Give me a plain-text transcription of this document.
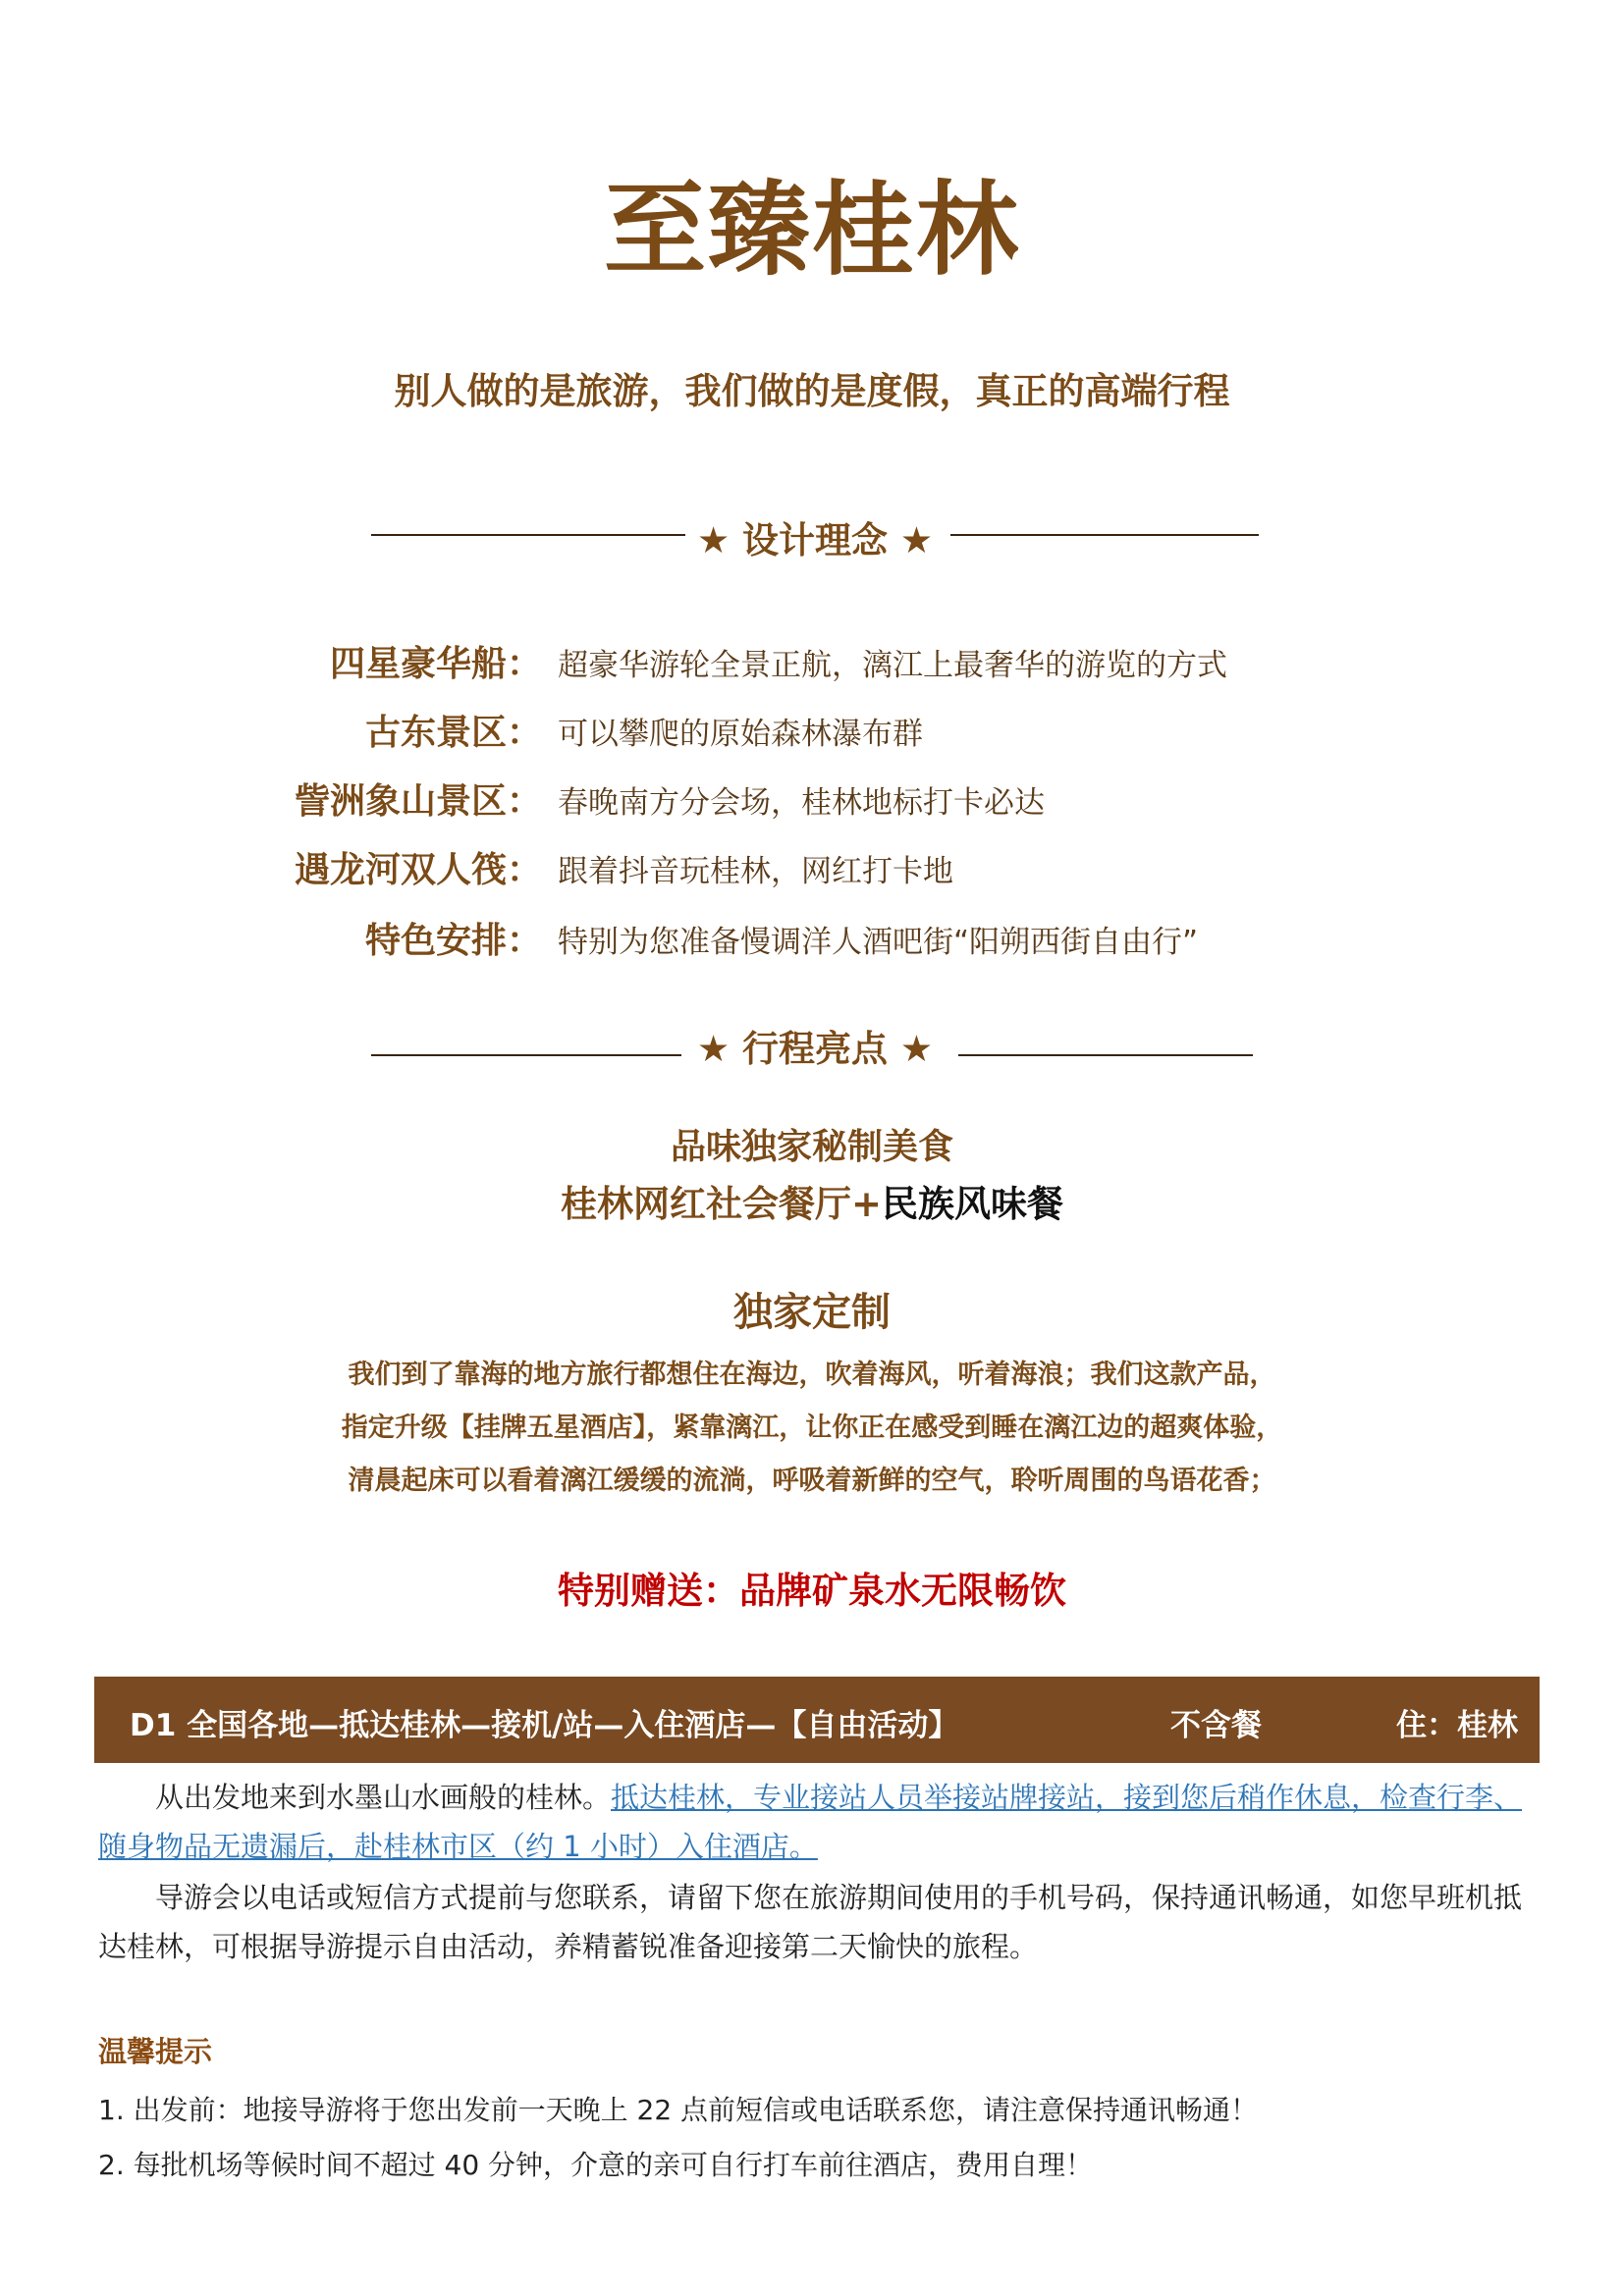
至臻桂林
别人做的是旅游，我们做的是度假，真正的高端行程
★ 设计理念 ★
四星豪华船： 超豪华游轮全景正航，漓江上最奢华的游览的方式
古东景区： 可以攀爬的原始森林瀑布群
訾洲象山景区： 春晚南方分会场，桂林地标打卡必达
遇龙河双人筏： 跟着抖音玩桂林，网红打卡地
特色安排： 特别为您准备慢调洋人酒吧街“阳朔西街自由行”
★ 行程亮点 ★
品味独家秘制美食
桂林网红社会餐厅+民族风味餐
独家定制
我们到了靠海的地方旅行都想住在海边，吹着海风，听着海浪；我们这款产品，
指定升级【挂牌五星酒店】，紧靠漓江，让你正在感受到睡在漓江边的超爽体验，
清晨起床可以看着漓江缓缓的流淌，呼吸着新鲜的空气，聆听周围的鸟语花香；
特别赠送：品牌矿泉水无限畅饮
D1 全国各地—抵达桂林—接机/站—入住酒店—【自由活动】	不含餐	住：桂林
从出发地来到水墨山水画般的桂林。抵达桂林，专业接站人员举接站牌接站，接到您后稍作休息，检查行李、随身物品无遗漏后，赴桂林市区（约 1 小时）入住酒店。
导游会以电话或短信方式提前与您联系，请留下您在旅游期间使用的手机号码，保持通讯畅通，如您早班机抵达桂林，可根据导游提示自由活动，养精蓄锐准备迎接第二天愉快的旅程。
温馨提示
1. 出发前：地接导游将于您出发前一天晚上 22 点前短信或电话联系您，请注意保持通讯畅通！
2. 每批机场等候时间不超过 40 分钟，介意的亲可自行打车前往酒店，费用自理！
